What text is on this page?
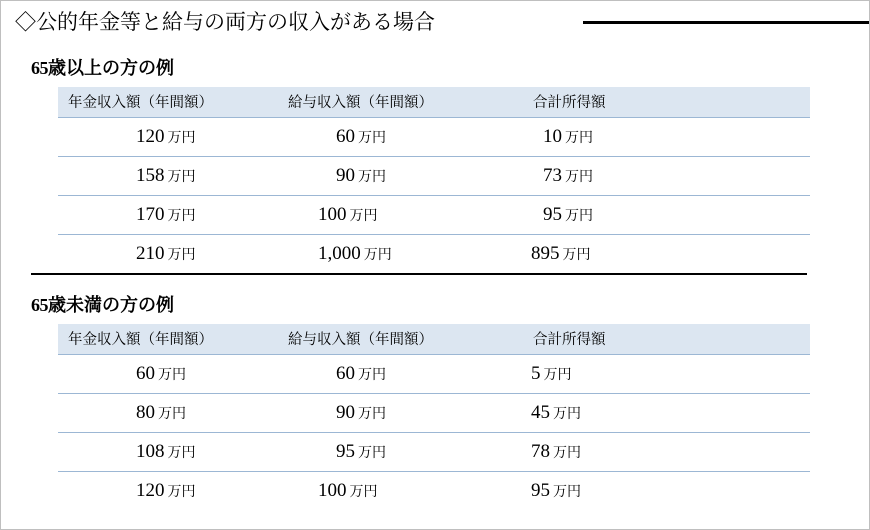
◇公的年金等と給与の両方の収入がある場合
65歳以上の方の例
年金収入額（年間額）	給与収入額（年間額）	合計所得額

120 万円	60 万円	10 万円

158 万円	90 万円	73 万円

170 万円	100 万円	95 万円

210 万円	1,000 万円	895 万円
65歳未満の方の例
年金収入額（年間額）	給与収入額（年間額）	合計所得額

60 万円	60 万円	5 万円

80 万円	90 万円	45 万円

108 万円	95 万円	78 万円

120 万円	100 万円	95 万円
